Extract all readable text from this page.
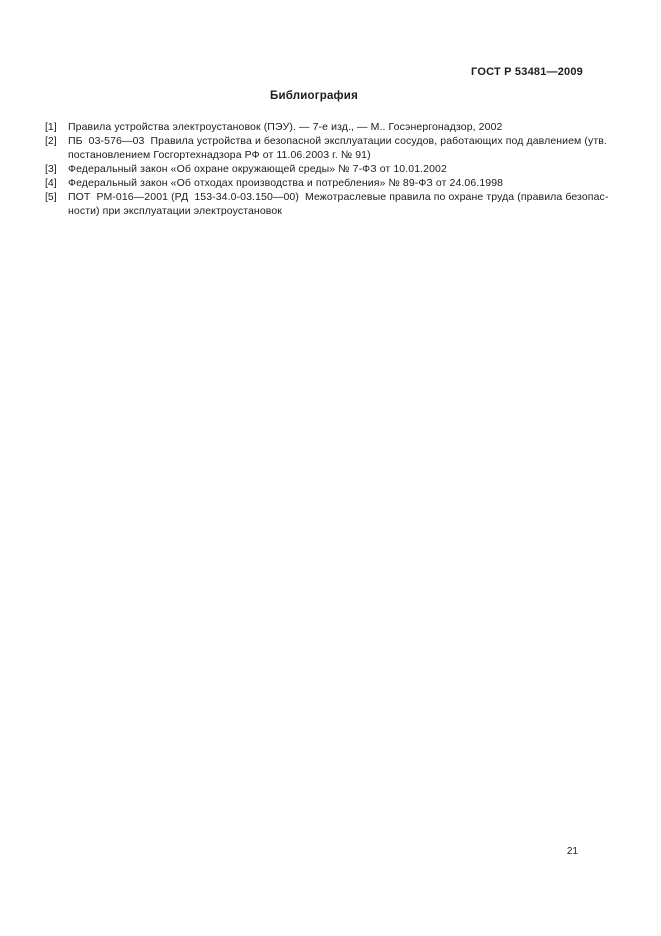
ГОСТ Р 53481—2009
Библиография
[1]	Правила устройства электроустановок (ПЭУ). — 7-е изд., — М.. Госэнергонадзор, 2002
[2]	ПБ  03-576—03  Правила устройства и безопасной эксплуатации сосудов, работающих под давлением (утв.
постановлением Госгортехнадзора РФ от 11.06.2003 г. № 91)
[3]	Федеральный закон «Об охране окружающей среды» № 7-ФЗ от 10.01.2002
[4]	Федеральный закон «Об отходах производства и потребления» № 89-ФЗ от 24.06.1998
[5]	ПОТ  РМ-016—2001 (РД  153-34.0-03.150—00)  Межотраслевые правила по охране труда (правила безопас-
ности) при эксплуатации электроустановок
21
